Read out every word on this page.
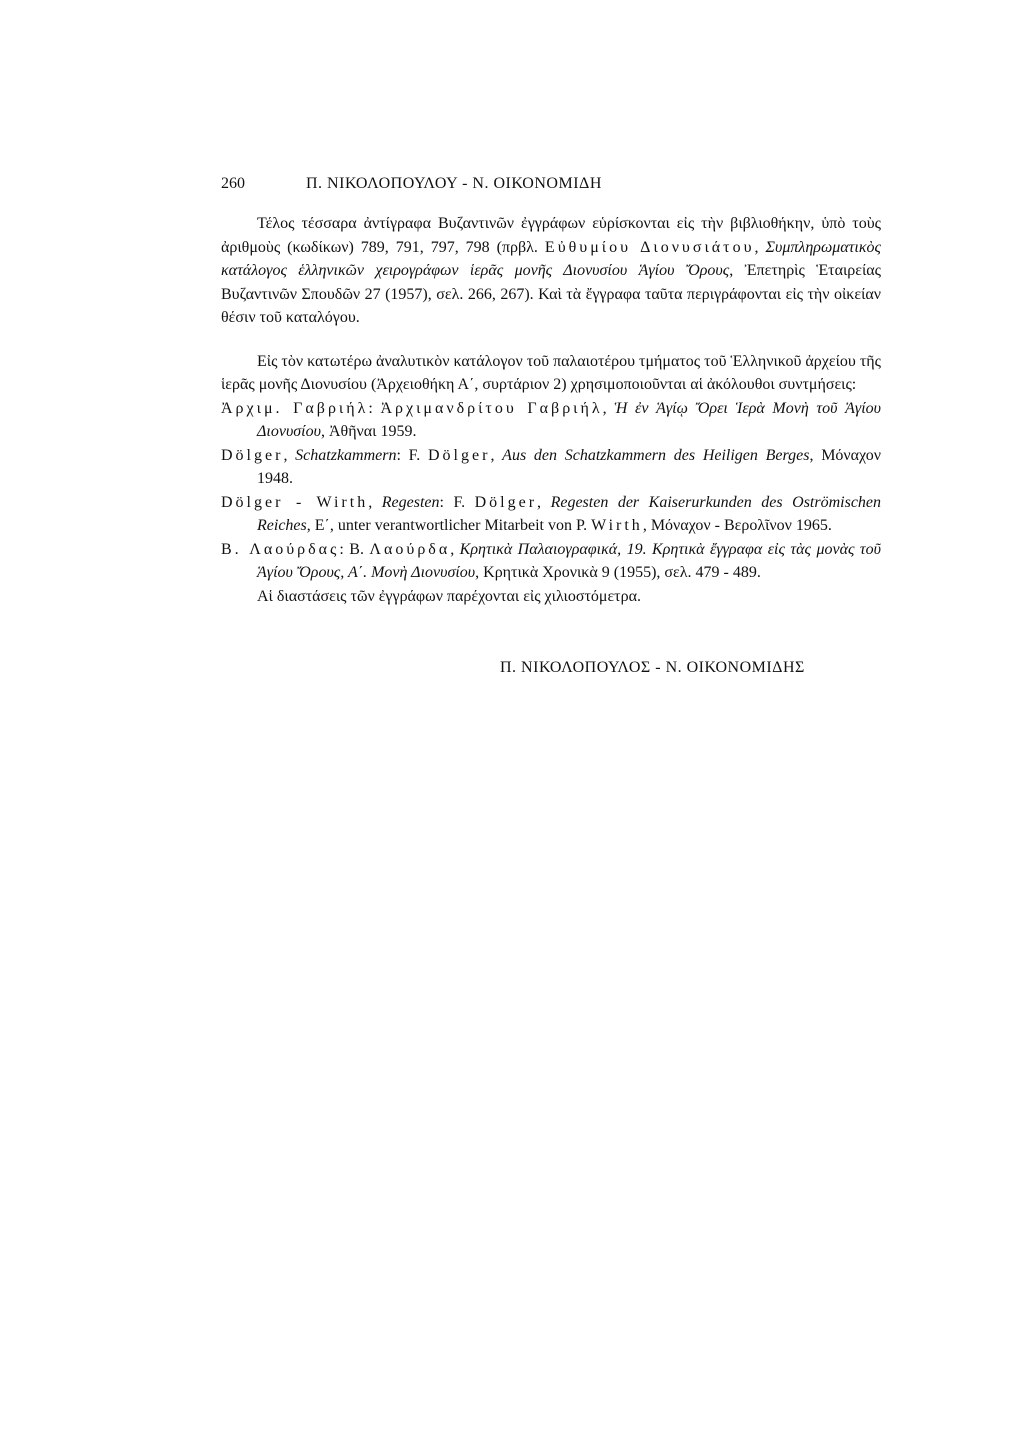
260	Π. ΝΙΚΟΛΟΠΟΥΛΟΥ - Ν. ΟΙΚΟΝΟΜΙΔΗ

Τέλος τέσσαρα ἀντίγραφα Βυζαντινῶν ἐγγράφων εὑρίσκονται εἰς τὴν βιβλιοθήκην, ὑπὸ τοὺς ἀριθμοὺς (κωδίκων) 789, 791, 797, 798 (πρβλ. Εὐθυμίου Διονυσιάτου, Συμπληρωματικὸς κατάλογος ἑλληνικῶν χειρογράφων ἱερᾶς μονῆς Διονυσίου Ἁγίου Ὄρους, Ἐπετηρὶς Ἑταιρείας Βυζαντινῶν Σπουδῶν 27 (1957), σελ. 266, 267). Καὶ τὰ ἔγγραφα ταῦτα περιγράφονται εἰς τὴν οἰκείαν θέσιν τοῦ καταλόγου.

Εἰς τὸν κατωτέρω ἀναλυτικὸν κατάλογον τοῦ παλαιοτέρου τμήματος τοῦ Ἑλληνικοῦ ἀρχείου τῆς ἱερᾶς μονῆς Διονυσίου (Ἀρχειοθήκη Α΄, συρτάριον 2) χρησιμοποιοῦνται αἱ ἀκόλουθοι συντμήσεις:

Ἀρχιμ. Γαβριήλ: Ἀρχιμανδρίτου Γαβριήλ, Ἡ ἐν Ἁγίῳ Ὄρει Ἱερὰ Μονὴ τοῦ Ἁγίου Διονυσίου, Ἀθῆναι 1959.

Dölger, Schatzkammern: F. Dölger, Aus den Schatzkammern des Heiligen Berges, Μόναχον 1948.

Dölger - Wirth, Regesten: F. Dölger, Regesten der Kaiserurkunden des Oströmischen Reiches, Ε΄, unter verantwortlicher Mitarbeit von P. Wirth, Μόναχον - Βερολῖνον 1965.

Β. Λαούρδας: Β. Λαούρδα, Κρητικὰ Παλαιογραφικά, 19. Κρητικὰ ἔγγραφα εἰς τὰς μονὰς τοῦ Ἁγίου Ὄρους, Α΄. Μονὴ Διονυσίου, Κρητικὰ Χρονικὰ 9 (1955), σελ. 479 - 489.

Αἱ διαστάσεις τῶν ἐγγράφων παρέχονται εἰς χιλιοστόμετρα.

Π. ΝΙΚΟΛΟΠΟΥΛΟΣ - Ν. ΟΙΚΟΝΟΜΙΔΗΣ
